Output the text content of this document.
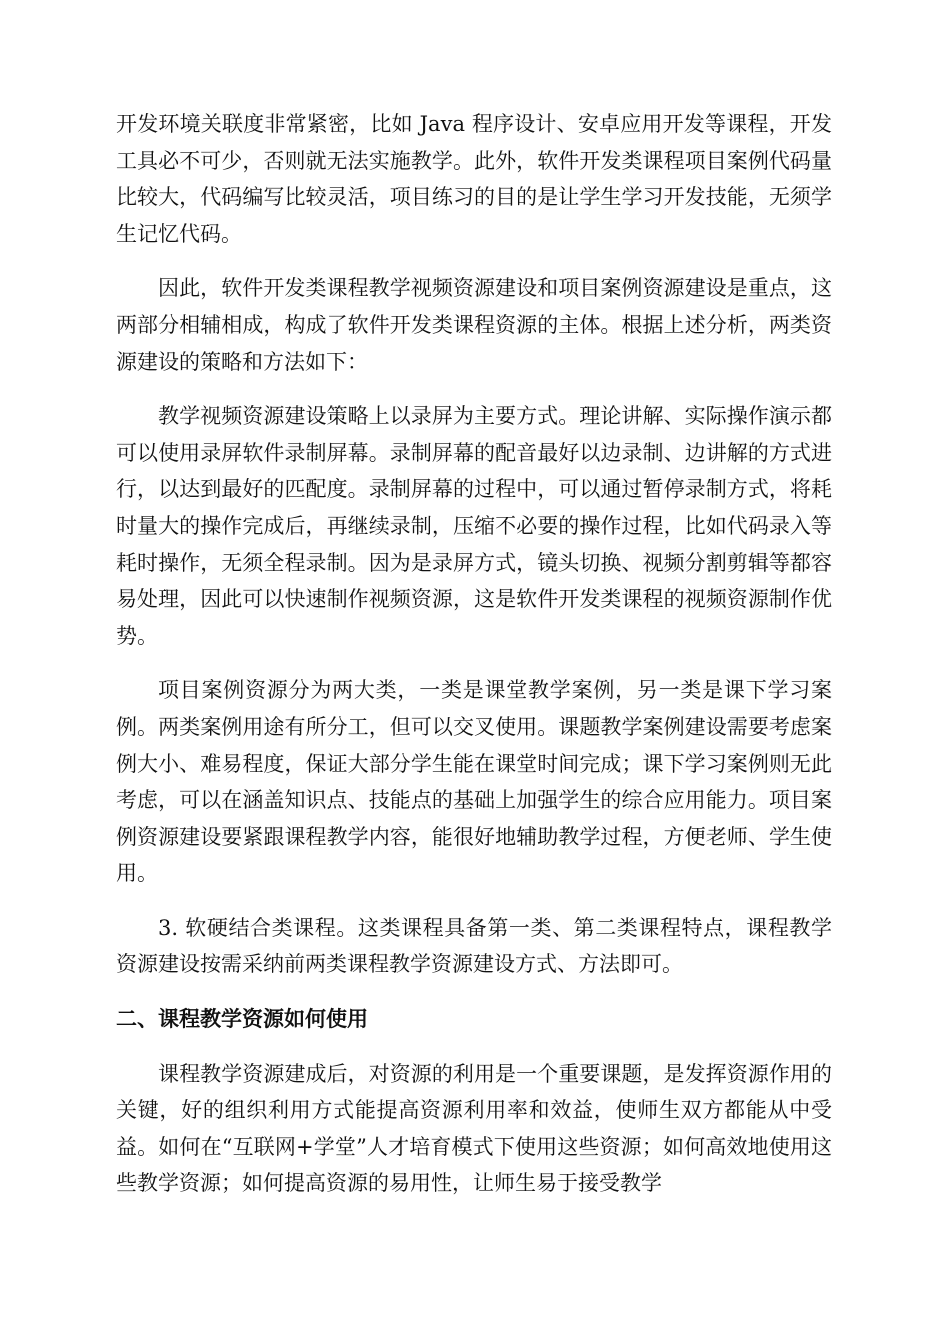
开发环境关联度非常紧密，比如 Java 程序设计、安卓应用开发等课程，开发工具必不可少，否则就无法实施教学。此外，软件开发类课程项目案例代码量比较大，代码编写比较灵活，项目练习的目的是让学生学习开发技能，无须学生记忆代码。

因此，软件开发类课程教学视频资源建设和项目案例资源建设是重点，这两部分相辅相成，构成了软件开发类课程资源的主体。根据上述分析，两类资源建设的策略和方法如下：

教学视频资源建设策略上以录屏为主要方式。理论讲解、实际操作演示都可以使用录屏软件录制屏幕。录制屏幕的配音最好以边录制、边讲解的方式进行，以达到最好的匹配度。录制屏幕的过程中，可以通过暂停录制方式，将耗时量大的操作完成后，再继续录制，压缩不必要的操作过程，比如代码录入等耗时操作，无须全程录制。因为是录屏方式，镜头切换、视频分割剪辑等都容易处理，因此可以快速制作视频资源，这是软件开发类课程的视频资源制作优势。

项目案例资源分为两大类，一类是课堂教学案例，另一类是课下学习案例。两类案例用途有所分工，但可以交叉使用。课题教学案例建设需要考虑案例大小、难易程度，保证大部分学生能在课堂时间完成；课下学习案例则无此考虑，可以在涵盖知识点、技能点的基础上加强学生的综合应用能力。项目案例资源建设要紧跟课程教学内容，能很好地辅助教学过程，方便老师、学生使用。

3. 软硬结合类课程。这类课程具备第一类、第二类课程特点，课程教学资源建设按需采纳前两类课程教学资源建设方式、方法即可。

二、课程教学资源如何使用

课程教学资源建成后，对资源的利用是一个重要课题，是发挥资源作用的关键，好的组织利用方式能提高资源利用率和效益，使师生双方都能从中受益。如何在“互联网+学堂”人才培育模式下使用这些资源；如何高效地使用这些教学资源；如何提高资源的易用性，让师生易于接受教学
